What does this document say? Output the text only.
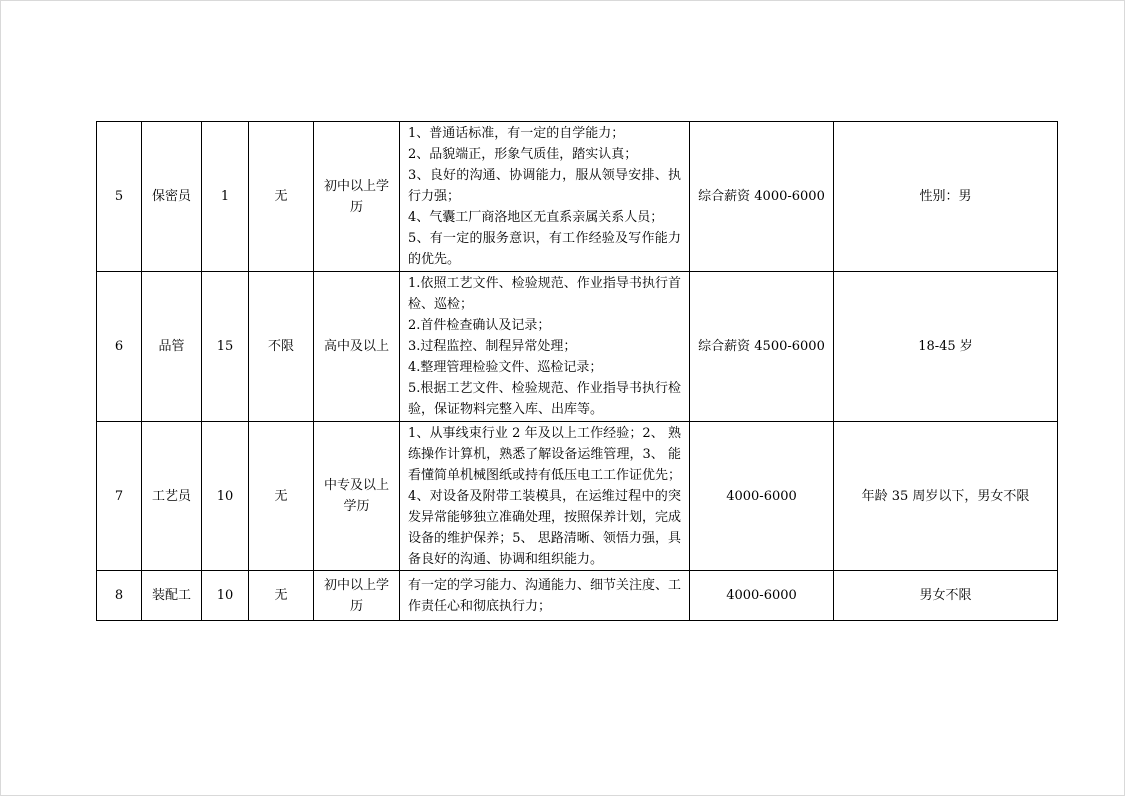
5	保密员	1	无	初中以上学历	1、普通话标准，有一定的自学能力；
2、品貌端正，形象气质佳，踏实认真；
3、良好的沟通、协调能力，服从领导安排、执行力强；
4、气囊工厂商洛地区无直系亲属关系人员；
5、有一定的服务意识，有工作经验及写作能力的优先。	综合薪资 4000-6000	性别：男
6	品管	15	不限	高中及以上	1.依照工艺文件、检验规范、作业指导书执行首检、巡检；
2.首件检查确认及记录；
3.过程监控、制程异常处理；
4.整理管理检验文件、巡检记录；
5.根据工艺文件、检验规范、作业指导书执行检验，保证物料完整入库、出库等。	综合薪资 4500-6000	18-45 岁
7	工艺员	10	无	中专及以上学历	1、从事线束行业 2 年及以上工作经验；2、 熟练操作计算机，熟悉了解设备运维管理，3、 能看懂简单机械图纸或持有低压电工工作证优先；
4、对设备及附带工装模具，在运维过程中的突发异常能够独立准确处理，按照保养计划，完成设备的维护保养；5、 思路清晰、领悟力强，具备良好的沟通、协调和组织能力。	4000-6000	年龄 35 周岁以下，男女不限
8	装配工	10	无	初中以上学历	有一定的学习能力、沟通能力、细节关注度、工作责任心和彻底执行力；	4000-6000	男女不限
